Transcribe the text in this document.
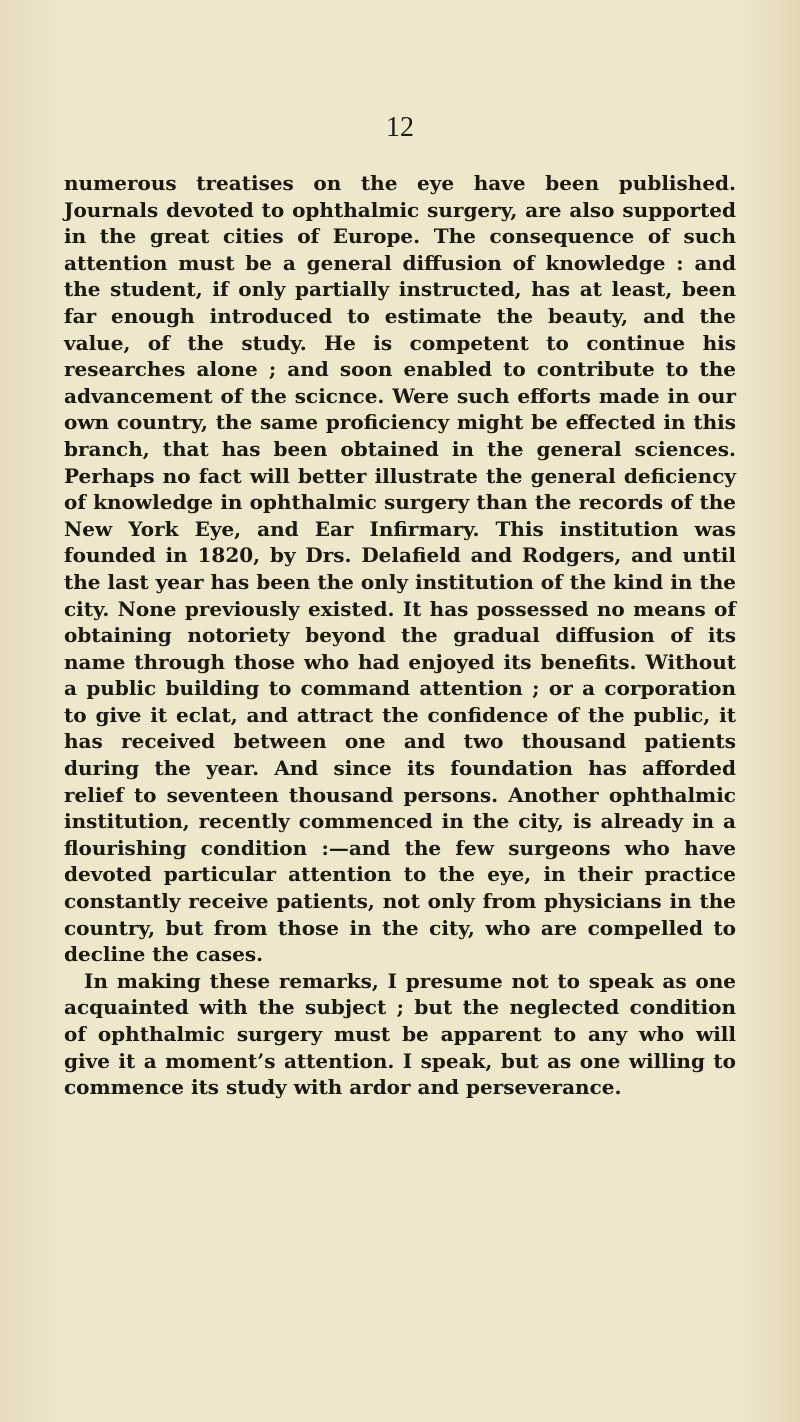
12

numerous treatises on the eye have been published. Journals devoted to ophthalmic surgery, are also supported in the great cities of Europe. The consequence of such attention must be a general diffusion of knowledge : and the student, if only partially instructed, has at least, been far enough introduced to estimate the beauty, and the value, of the study. He is competent to continue his researches alone ; and soon enabled to contribute to the advancement of the scicnce. Were such efforts made in our own country, the same proficiency might be effected in this branch, that has been obtained in the general sciences. Perhaps no fact will better illustrate the general deficiency of knowledge in ophthalmic surgery than the records of the New York Eye, and Ear Infirmary. This institution was founded in 1820, by Drs. Delafield and Rodgers, and until the last year has been the only institution of the kind in the city. None previously existed. It has possessed no means of obtaining notoriety beyond the gradual diffusion of its name through those who had enjoyed its benefits. Without a public building to command attention ; or a corporation to give it eclat, and attract the confidence of the public, it has received between one and two thousand patients during the year. And since its foundation has afforded relief to seventeen thousand persons. Another ophthalmic institution, recently commenced in the city, is already in a flourishing condition :—and the few surgeons who have devoted particular attention to the eye, in their practice constantly receive patients, not only from physicians in the country, but from those in the city, who are compelled to decline the cases.

In making these remarks, I presume not to speak as one acquainted with the subject ; but the neglected condition of ophthalmic surgery must be apparent to any who will give it a moment’s attention. I speak, but as one willing to commence its study with ardor and perseverance.
